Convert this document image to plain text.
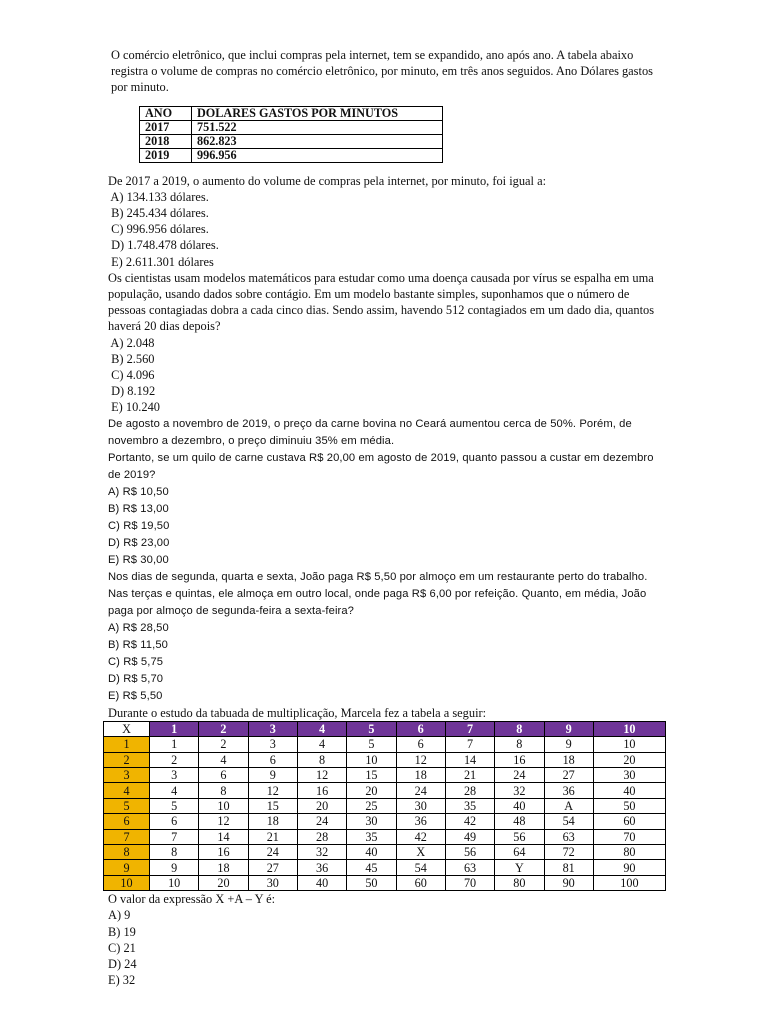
O comércio eletrônico, que inclui compras pela internet, tem se expandido, ano após ano. A tabela abaixo registra o volume de compras no comércio eletrônico, por minuto, em três anos seguidos. Ano Dólares gastos por minuto.

ANO	DOLARES GASTOS POR MINUTOS
2017	751.522
2018	862.823
2019	996.956

De 2017 a 2019, o aumento do volume de compras pela internet, por minuto, foi igual a:

A) 134.133 dólares.

B) 245.434 dólares.

C) 996.956 dólares.

D) 1.748.478 dólares.

E) 2.611.301 dólares

Os cientistas usam modelos matemáticos para estudar como uma doença causada por vírus se espalha em uma população, usando dados sobre contágio. Em um modelo bastante simples, suponhamos que o número de pessoas contagiadas dobra a cada cinco dias. Sendo assim, havendo 512 contagiados em um dado dia, quantos haverá 20 dias depois?

A) 2.048

B) 2.560

C) 4.096

D) 8.192

E) 10.240

De agosto a novembro de 2019, o preço da carne bovina no Ceará aumentou cerca de 50%. Porém, de novembro a dezembro, o preço diminuiu 35% em média.

Portanto, se um quilo de carne custava R$ 20,00 em agosto de 2019, quanto passou a custar em dezembro de 2019?

A) R$ 10,50

B) R$ 13,00

C) R$ 19,50

D) R$ 23,00

E) R$ 30,00

Nos dias de segunda, quarta e sexta, João paga R$ 5,50 por almoço em um restaurante perto do trabalho. Nas terças e quintas, ele almoça em outro local, onde paga R$ 6,00 por refeição. Quanto, em média, João paga por almoço de segunda-feira a sexta-feira?

A) R$ 28,50

B) R$ 11,50

C) R$ 5,75

D) R$ 5,70

E) R$ 5,50

Durante o estudo da tabuada de multiplicação, Marcela fez a tabela a seguir:

X	1	2	3	4	5	6	7	8	9	10
1	1	2	3	4	5	6	7	8	9	10
2	2	4	6	8	10	12	14	16	18	20
3	3	6	9	12	15	18	21	24	27	30
4	4	8	12	16	20	24	28	32	36	40
5	5	10	15	20	25	30	35	40	A	50
6	6	12	18	24	30	36	42	48	54	60
7	7	14	21	28	35	42	49	56	63	70
8	8	16	24	32	40	X	56	64	72	80
9	9	18	27	36	45	54	63	Y	81	90
10	10	20	30	40	50	60	70	80	90	100

O valor da expressão X +A – Y é:

A) 9

B) 19

C) 21

D) 24

E) 32
